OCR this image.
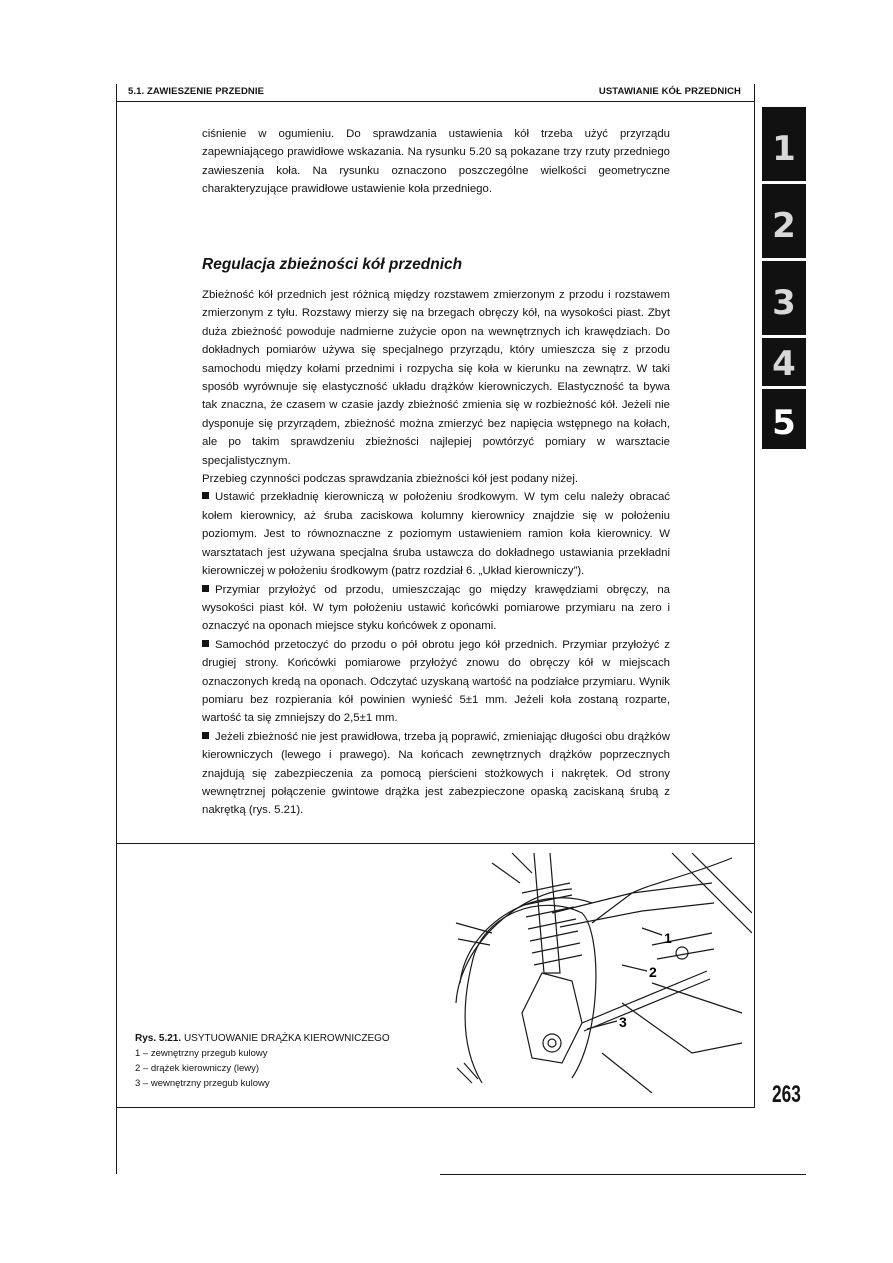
5.1. ZAWIESZENIE PRZEDNIE	USTAWIANIE KÓŁ PRZEDNICH
ciśnienie w ogumieniu. Do sprawdzania ustawienia kół trzeba użyć przyrządu zapewniającego prawidłowe wskazania. Na rysunku 5.20 są pokazane trzy rzuty przedniego zawieszenia koła. Na rysunku oznaczono poszczególne wielkości geometryczne charakteryzujące prawidłowe ustawienie koła przedniego.
Regulacja zbieżności kół przednich

Zbieżność kół przednich jest różnicą między rozstawem zmierzonym z przodu i rozstawem zmierzonym z tyłu. Rozstawy mierzy się na brzegach obręczy kół, na wysokości piast. Zbyt duża zbieżność powoduje nadmierne zużycie opon na wewnętrznych ich krawędziach. Do dokładnych pomiarów używa się specjalnego przyrządu, który umieszcza się z przodu samochodu między kołami przednimi i rozpycha się koła w kierunku na zewnątrz. W taki sposób wyrównuje się elastyczność układu drążków kierowniczych. Elastyczność ta bywa tak znaczna, że czasem w czasie jazdy zbieżność zmienia się w rozbieżność kół. Jeżeli nie dysponuje się przyrządem, zbieżność można zmierzyć bez napięcia wstępnego na kołach, ale po takim sprawdzeniu zbieżności najlepiej powtórzyć pomiary w warsztacie specjalistycznym.

Przebieg czynności podczas sprawdzania zbieżności kół jest podany niżej.

Ustawić przekładnię kierowniczą w położeniu środkowym. W tym celu należy obracać kołem kierownicy, aż śruba zaciskowa kolumny kierownicy znajdzie się w położeniu poziomym. Jest to równoznaczne z poziomym ustawieniem ramion koła kierownicy. W warsztatach jest używana specjalna śruba ustawcza do dokładnego ustawiania przekładni kierowniczej w położeniu środkowym (patrz rozdział 6. „Układ kierowniczy”).

Przymiar przyłożyć od przodu, umieszczając go między krawędziami obręczy, na wysokości piast kół. W tym położeniu ustawić końcówki pomiarowe przymiaru na zero i oznaczyć na oponach miejsce styku końcówek z oponami.

Samochód przetoczyć do przodu o pół obrotu jego kół przednich. Przymiar przyłożyć z drugiej strony. Końcówki pomiarowe przyłożyć znowu do obręczy kół w miejscach oznaczonych kredą na oponach. Odczytać uzyskaną wartość na podziałce przymiaru. Wynik pomiaru bez rozpierania kół powinien wynieść 5±1 mm. Jeżeli koła zostaną rozparte, wartość ta się zmniejszy do 2,5±1 mm.

Jeżeli zbieżność nie jest prawidłowa, trzeba ją poprawić, zmieniając długości obu drążków kierowniczych (lewego i prawego). Na końcach zewnętrznych drążków poprzecznych znajdują się zabezpieczenia za pomocą pierścieni stożkowych i nakrętek. Od strony wewnętrznej połączenie gwintowe drążka jest zabezpieczone opaską zaciskaną śrubą z nakrętką (rys. 5.21).

1
2
3
4
5
1
2
3
Rys. 5.21. USYTUOWANIE DRĄŻKA KIEROWNICZEGO
1 – zewnętrzny przegub kulowy
2 – drążek kierowniczy (lewy)
3 – wewnętrzny przegub kulowy	263
